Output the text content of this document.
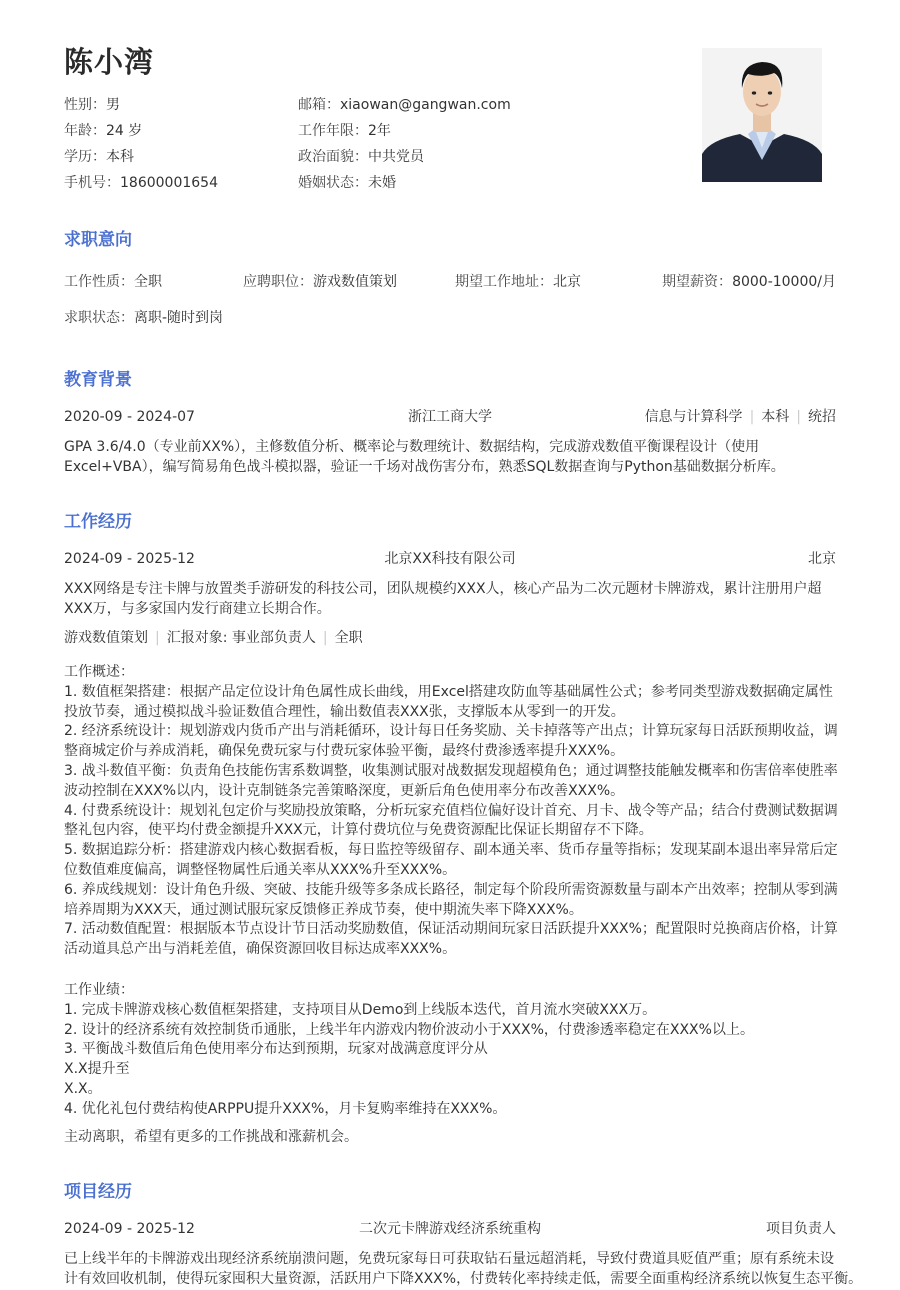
陈小湾
性别：男	邮箱：xiaowan@gangwan.com
年龄：24 岁	工作年限：2年
学历：本科	政治面貌：中共党员
手机号：18600001654	婚姻状态：未婚
求职意向
工作性质：全职	应聘职位：游戏数值策划	期望工作地址：北京	期望薪资：8000-10000/月
求职状态：离职-随时到岗
教育背景
2020-09 - 2024-07	浙江工商大学	信息与计算科学 | 本科 | 统招
GPA 3.6/4.0（专业前XX%），主修数值分析、概率论与数理统计、数据结构，完成游戏数值平衡课程设计（使用
Excel+VBA），编写简易角色战斗模拟器，验证一千场对战伤害分布，熟悉SQL数据查询与Python基础数据分析库。
工作经历
2024-09 - 2025-12	北京XX科技有限公司	北京
XXX网络是专注卡牌与放置类手游研发的科技公司，团队规模约XXX人，核心产品为二次元题材卡牌游戏，累计注册用户超
XXX万，与多家国内发行商建立长期合作。
游戏数值策划 | 汇报对象: 事业部负责人 | 全职
工作概述：
1. 数值框架搭建：根据产品定位设计角色属性成长曲线，用Excel搭建攻防血等基础属性公式；参考同类型游戏数据确定属性
投放节奏，通过模拟战斗验证数值合理性，输出数值表XXX张，支撑版本从零到一的开发。
2. 经济系统设计：规划游戏内货币产出与消耗循环，设计每日任务奖励、关卡掉落等产出点；计算玩家每日活跃预期收益，调
整商城定价与养成消耗，确保免费玩家与付费玩家体验平衡，最终付费渗透率提升XXX%。
3. 战斗数值平衡：负责角色技能伤害系数调整，收集测试服对战数据发现超模角色；通过调整技能触发概率和伤害倍率使胜率
波动控制在XXX%以内，设计克制链条完善策略深度，更新后角色使用率分布改善XXX%。
4. 付费系统设计：规划礼包定价与奖励投放策略，分析玩家充值档位偏好设计首充、月卡、战令等产品；结合付费测试数据调
整礼包内容，使平均付费金额提升XXX元，计算付费坑位与免费资源配比保证长期留存不下降。
5. 数据追踪分析：搭建游戏内核心数据看板，每日监控等级留存、副本通关率、货币存量等指标；发现某副本退出率异常后定
位数值难度偏高，调整怪物属性后通关率从XXX%升至XXX%。
6. 养成线规划：设计角色升级、突破、技能升级等多条成长路径，制定每个阶段所需资源数量与副本产出效率；控制从零到满
培养周期为XXX天，通过测试服玩家反馈修正养成节奏，使中期流失率下降XXX%。
7. 活动数值配置：根据版本节点设计节日活动奖励数值，保证活动期间玩家日活跃提升XXX%；配置限时兑换商店价格，计算
活动道具总产出与消耗差值，确保资源回收目标达成率XXX%。
工作业绩：
1. 完成卡牌游戏核心数值框架搭建，支持项目从Demo到上线版本迭代，首月流水突破XXX万。
2. 设计的经济系统有效控制货币通胀，上线半年内游戏内物价波动小于XXX%，付费渗透率稳定在XXX%以上。
3. 平衡战斗数值后角色使用率分布达到预期，玩家对战满意度评分从
X.X提升至
X.X。
4. 优化礼包付费结构使ARPPU提升XXX%，月卡复购率维持在XXX%。
主动离职，希望有更多的工作挑战和涨薪机会。
项目经历
2024-09 - 2025-12	二次元卡牌游戏经济系统重构	项目负责人
已上线半年的卡牌游戏出现经济系统崩溃问题，免费玩家每日可获取钻石量远超消耗，导致付费道具贬值严重；原有系统未设
计有效回收机制，使得玩家囤积大量资源，活跃用户下降XXX%，付费转化率持续走低，需要全面重构经济系统以恢复生态平衡。
